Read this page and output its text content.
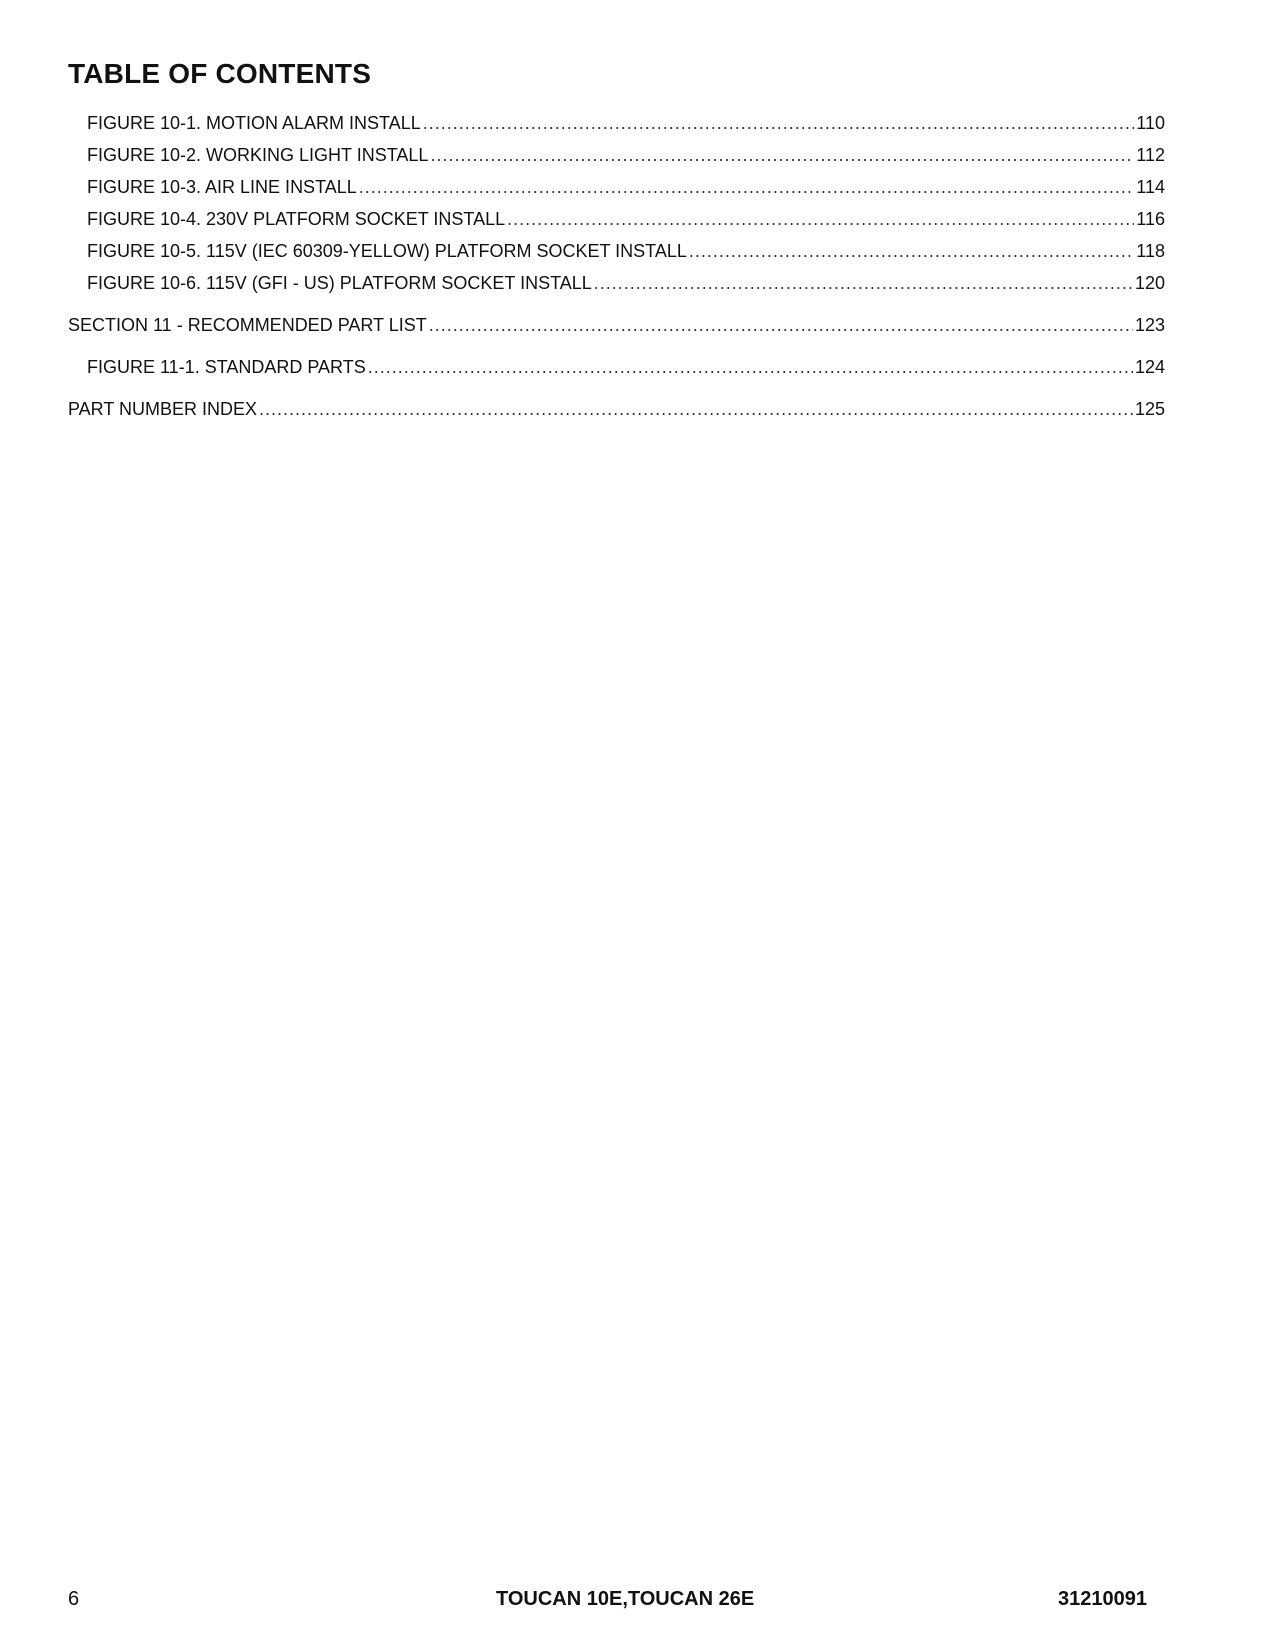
TABLE OF CONTENTS
FIGURE 10-1. MOTION ALARM INSTALL .....	110
FIGURE 10-2. WORKING LIGHT INSTALL .....	112
FIGURE 10-3. AIR LINE INSTALL .....	114
FIGURE 10-4. 230V PLATFORM SOCKET INSTALL .....	116
FIGURE 10-5. 115V (IEC 60309-YELLOW) PLATFORM SOCKET INSTALL .....	118
FIGURE 10-6. 115V (GFI - US) PLATFORM SOCKET INSTALL .....	120
SECTION 11 - RECOMMENDED PART LIST .....	123
FIGURE 11-1. STANDARD PARTS .....	124
PART NUMBER INDEX .....	125
6	TOUCAN 10E,TOUCAN 26E	31210091
